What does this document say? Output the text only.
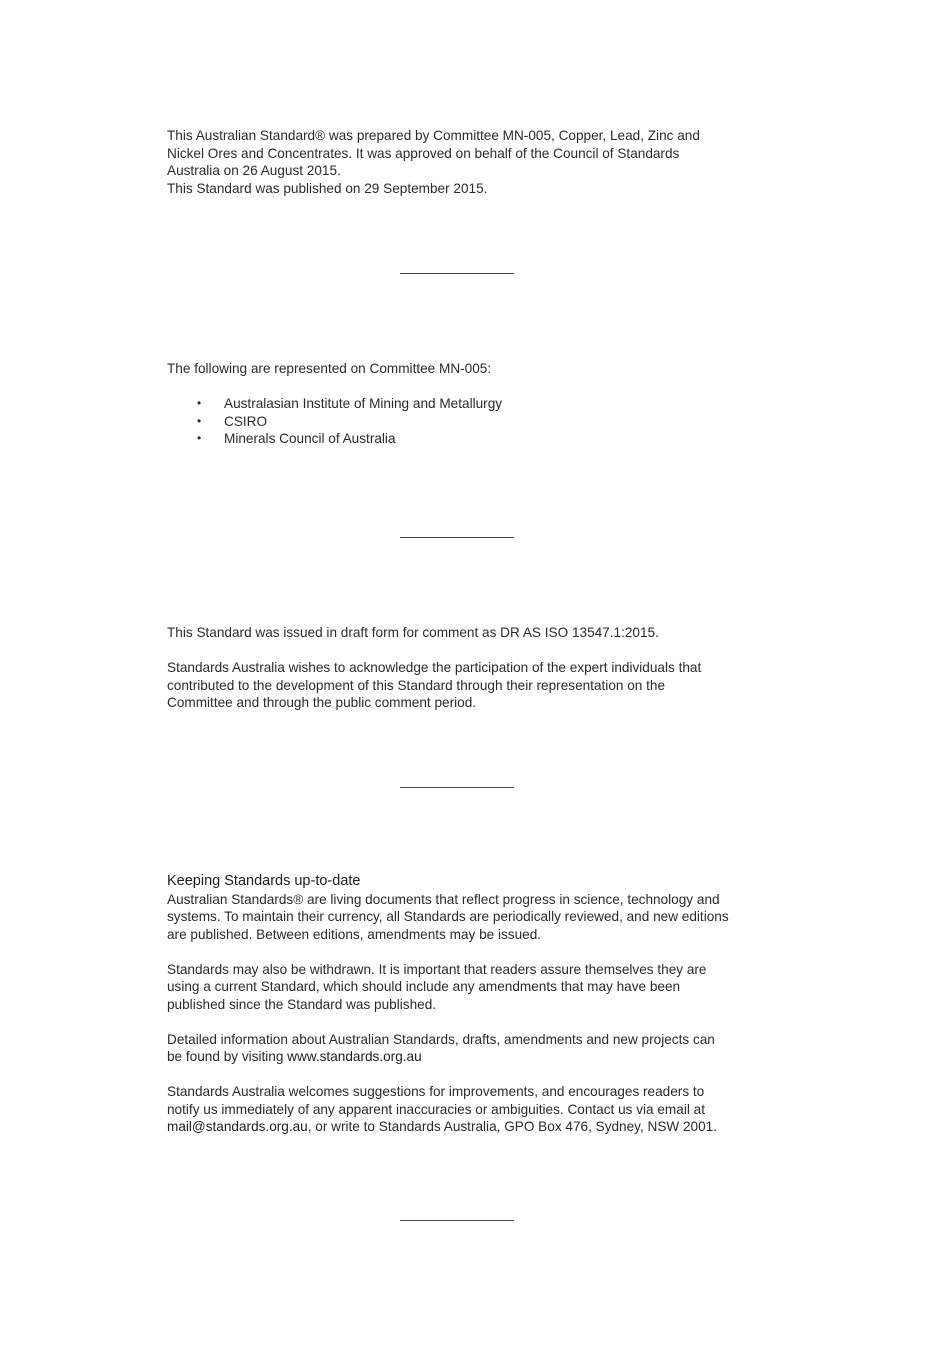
This Australian Standard® was prepared by Committee MN-005, Copper, Lead, Zinc and

Nickel Ores and Concentrates. It was approved on behalf of the Council of Standards

Australia on 26 August 2015.

This Standard was published on 29 September 2015.

The following are represented on Committee MN-005:

• Australasian Institute of Mining and Metallurgy
• CSIRO
• Minerals Council of Australia

This Standard was issued in draft form for comment as DR AS ISO 13547.1:2015.

Standards Australia wishes to acknowledge the participation of the expert individuals that

contributed to the development of this Standard through their representation on the

Committee and through the public comment period.

Keeping Standards up-to-date

Australian Standards® are living documents that reflect progress in science, technology and

systems. To maintain their currency, all Standards are periodically reviewed, and new editions

are published. Between editions, amendments may be issued.

Standards may also be withdrawn. It is important that readers assure themselves they are

using a current Standard, which should include any amendments that may have been

published since the Standard was published.

Detailed information about Australian Standards, drafts, amendments and new projects can

be found by visiting www.standards.org.au

Standards Australia welcomes suggestions for improvements, and encourages readers to

notify us immediately of any apparent inaccuracies or ambiguities. Contact us via email at

mail@standards.org.au, or write to Standards Australia, GPO Box 476, Sydney, NSW 2001.
